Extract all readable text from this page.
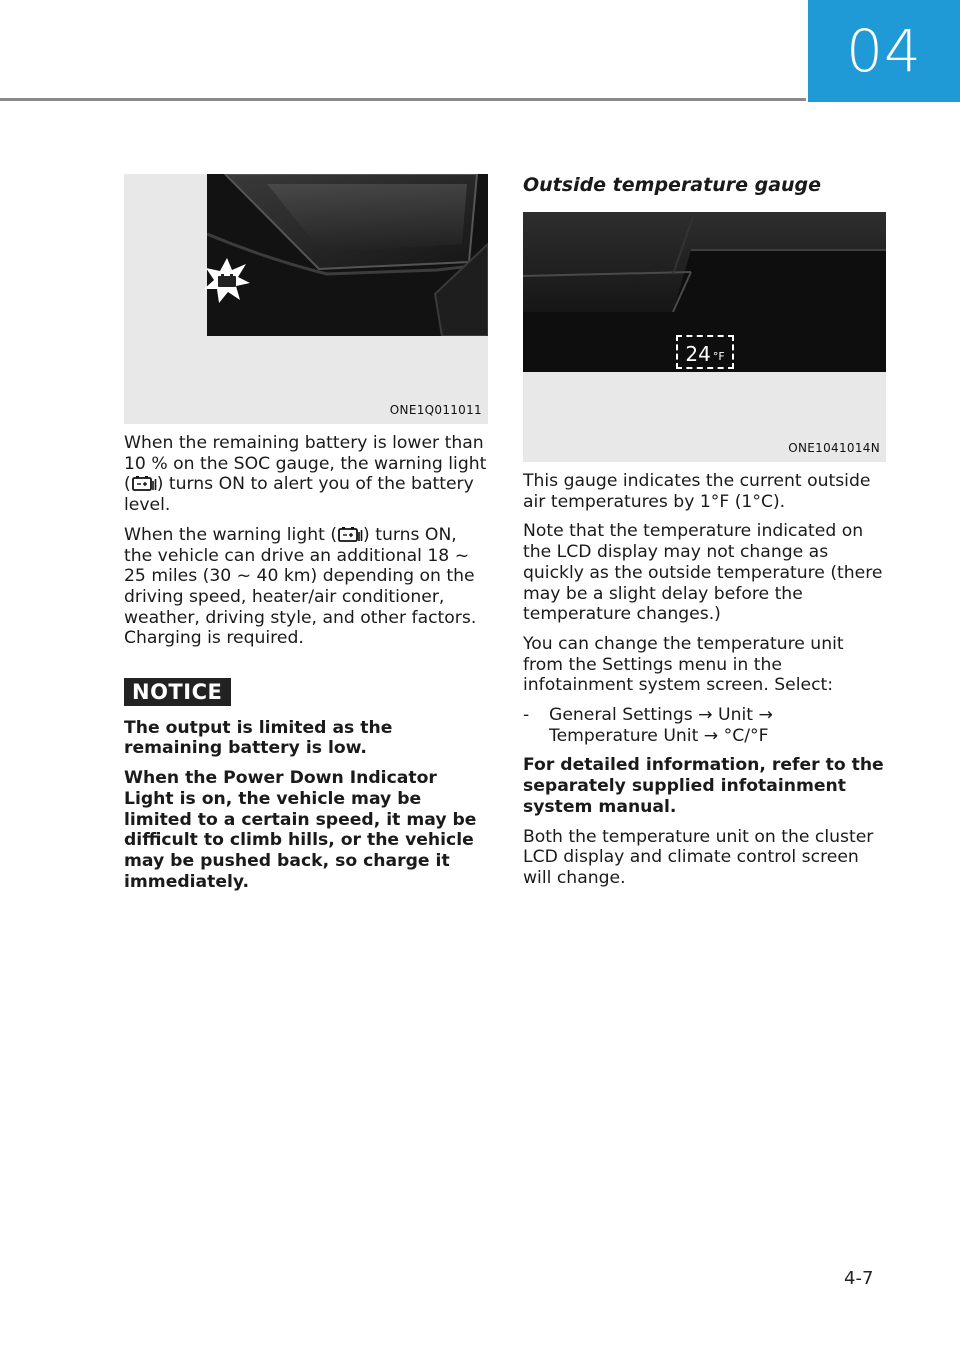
04
ONE1Q011011

When the remaining battery is lower than 10 % on the SOC gauge, the warning light ( ) turns ON to alert you of the battery level.

When the warning light ( ) turns ON, the vehicle can drive an additional 18 ~ 25 miles (30 ~ 40 km) depending on the driving speed, heater/air conditioner, weather, driving style, and other factors. Charging is required.

NOTICE

The output is limited as the remaining battery is low.

When the Power Down Indicator Light is on, the vehicle may be limited to a certain speed, it may be difficult to climb hills, or the vehicle may be pushed back, so charge it immediately.

Outside temperature gauge
24 °F
ONE1041014N

This gauge indicates the current outside air temperatures by 1°F (1°C).

Note that the temperature indicated on the LCD display may not change as quickly as the outside temperature (there may be a slight delay before the temperature changes.)

You can change the temperature unit from the Settings menu in the infotainment system screen. Select:

-	General Settings → Unit → Temperature Unit → °C/°F

For detailed information, refer to the separately supplied infotainment system manual.

Both the temperature unit on the cluster LCD display and climate control screen will change.

4-7
